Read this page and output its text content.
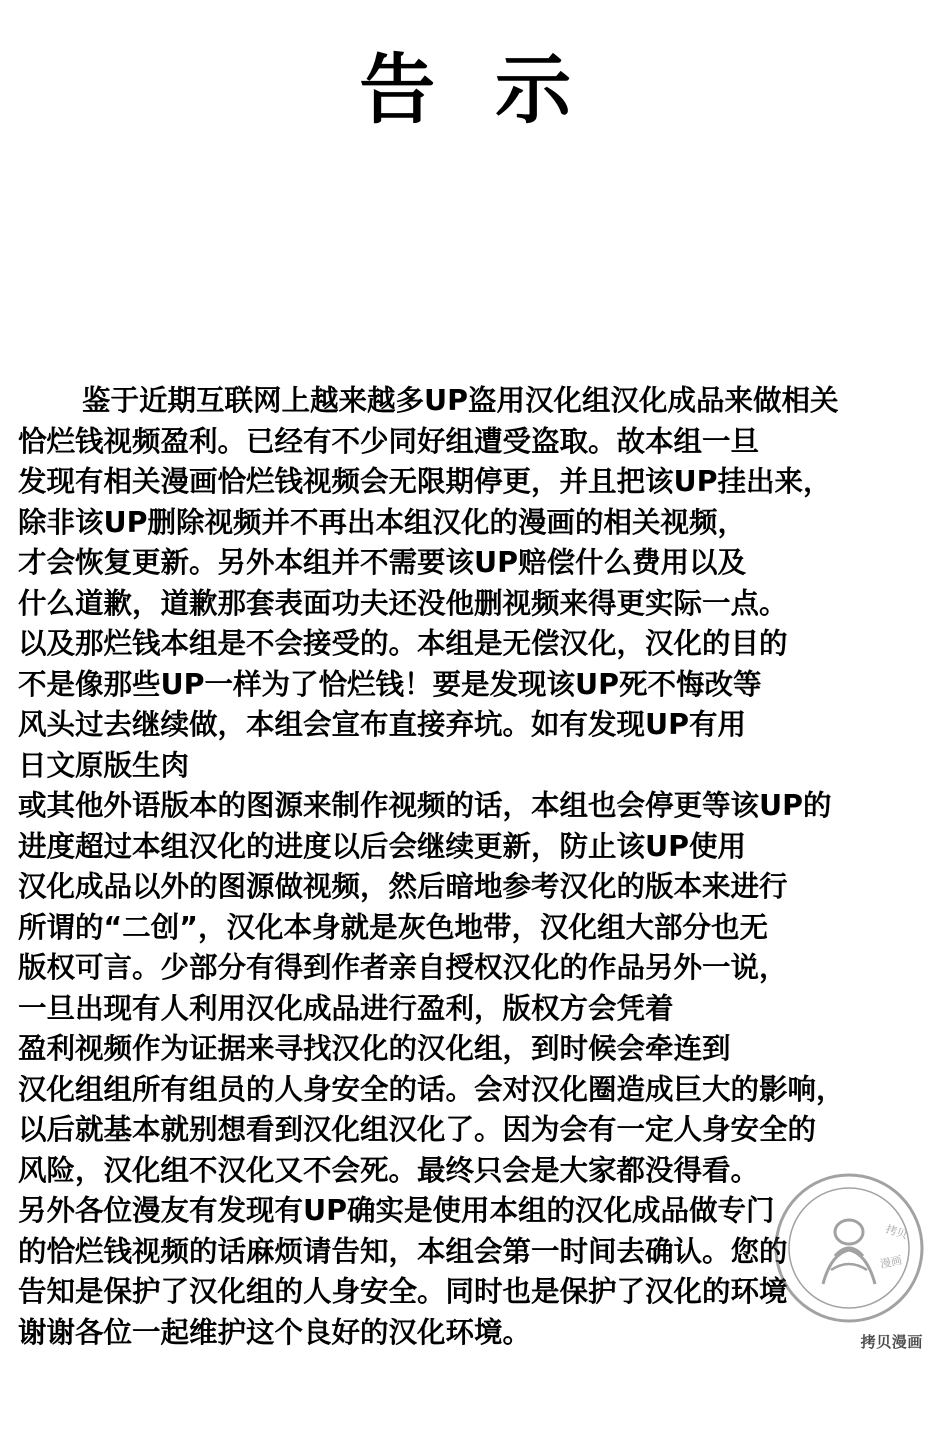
告 示

鉴于近期互联网上越来越多UP盗用汉化组汉化成品来做相关
恰烂钱视频盈利。已经有不少同好组遭受盗取。故本组一旦
发现有相关漫画恰烂钱视频会无限期停更，并且把该UP挂出来，
除非该UP删除视频并不再出本组汉化的漫画的相关视频，
才会恢复更新。另外本组并不需要该UP赔偿什么费用以及
什么道歉，道歉那套表面功夫还没他删视频来得更实际一点。
以及那烂钱本组是不会接受的。本组是无偿汉化，汉化的目的
不是像那些UP一样为了恰烂钱！要是发现该UP死不悔改等
风头过去继续做，本组会宣布直接弃坑。如有发现UP有用
日文原版生肉
或其他外语版本的图源来制作视频的话，本组也会停更等该UP的
进度超过本组汉化的进度以后会继续更新，防止该UP使用
汉化成品以外的图源做视频，然后暗地参考汉化的版本来进行
所谓的“二创”，汉化本身就是灰色地带，汉化组大部分也无
版权可言。少部分有得到作者亲自授权汉化的作品另外一说，
一旦出现有人利用汉化成品进行盈利，版权方会凭着
盈利视频作为证据来寻找汉化的汉化组，到时候会牵连到
汉化组组所有组员的人身安全的话。会对汉化圈造成巨大的影响，
以后就基本就别想看到汉化组汉化了。因为会有一定人身安全的
风险，汉化组不汉化又不会死。最终只会是大家都没得看。
另外各位漫友有发现有UP确实是使用本组的汉化成品做专门
的恰烂钱视频的话麻烦请告知，本组会第一时间去确认。您的
告知是保护了汉化组的人身安全。同时也是保护了汉化的环境
谢谢各位一起维护这个良好的汉化环境。

拷贝
漫画
拷贝漫画
